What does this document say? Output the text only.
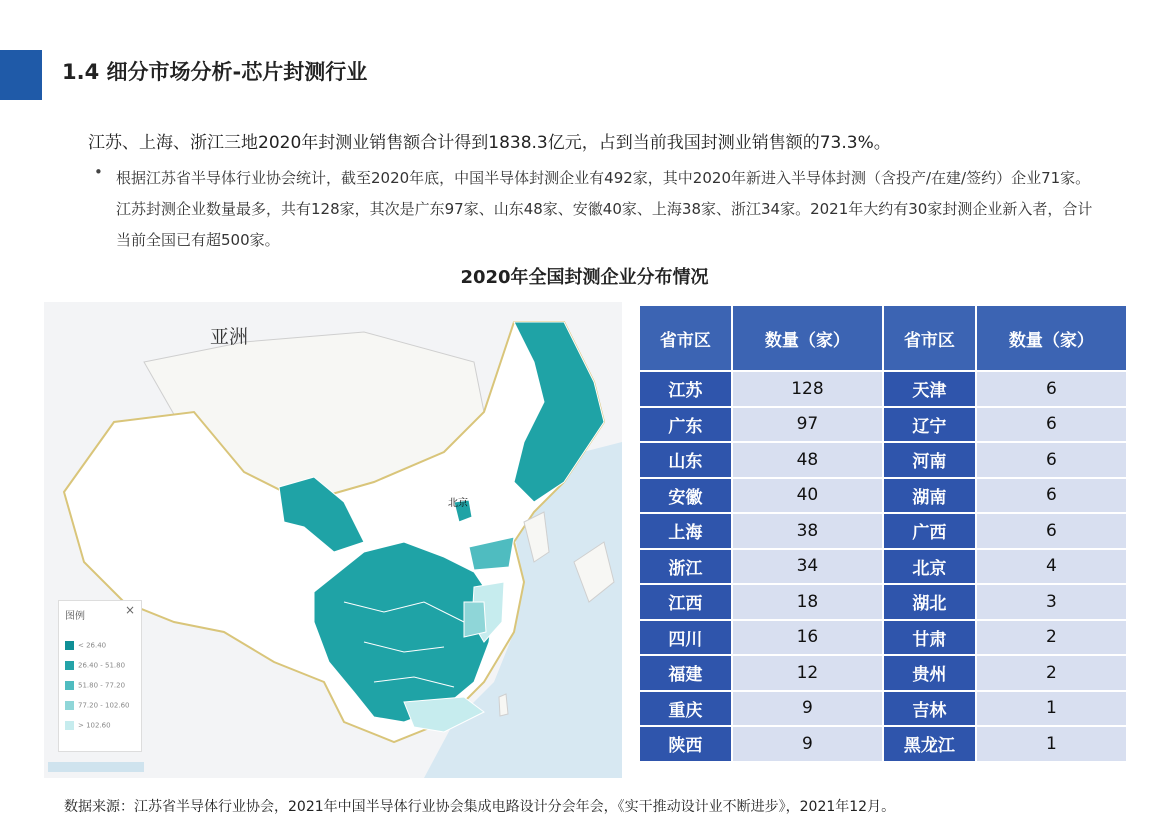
1.4 细分市场分析-芯片封测行业
江苏、上海、浙江三地2020年封测业销售额合计得到1838.3亿元，占到当前我国封测业销售额的73.3%。
• 根据江苏省半导体行业协会统计，截至2020年底，中国半导体封测企业有492家，其中2020年新进入半导体封测（含投产/在建/签约）企业71家。江苏封测企业数量最多，共有128家，其次是广东97家、山东48家、安徽40家、上海38家、浙江34家。2021年大约有30家封测企业新入者，合计当前全国已有超500家。
2020年全国封测企业分布情况
亚洲
北京
图例	×
< 26.40
26.40 - 51.80
51.80 - 77.20
77.20 - 102.60
> 102.60
省市区	数量（家）	省市区	数量（家）
江苏	128	天津	6
广东	97	辽宁	6
山东	48	河南	6
安徽	40	湖南	6
上海	38	广西	6
浙江	34	北京	4
江西	18	湖北	3
四川	16	甘肃	2
福建	12	贵州	2
重庆	9	吉林	1
陕西	9	黑龙江	1
数据来源：江苏省半导体行业协会，2021年中国半导体行业协会集成电路设计分会年会，《实干推动设计业不断进步》，2021年12月。
